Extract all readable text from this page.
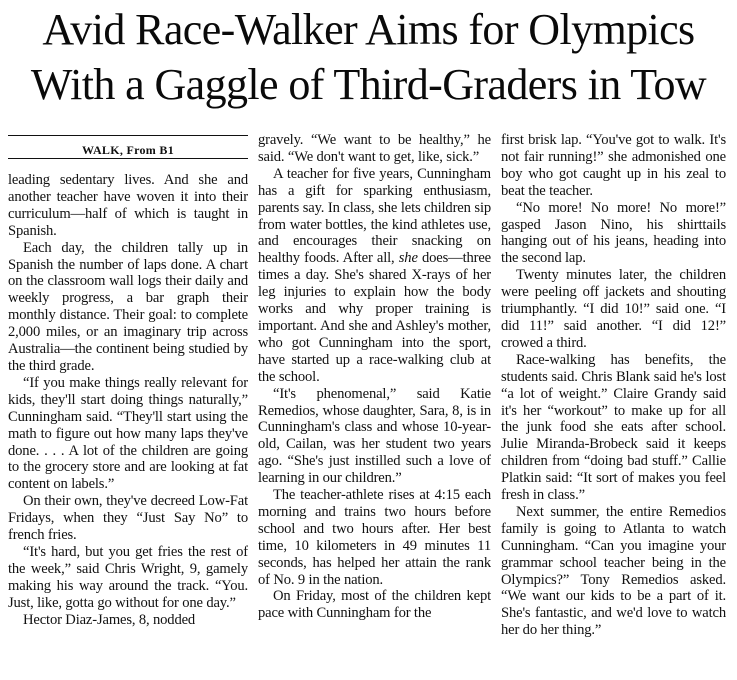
Avid Race-Walker Aims for Olympics
With a Gaggle of Third-Graders in Tow
WALK, From B1

leading sedentary lives. And she and another teacher have woven it into their curriculum—half of which is taught in Spanish.

Each day, the children tally up in Spanish the number of laps done. A chart on the classroom wall logs their daily and weekly progress, a bar graph their monthly distance. Their goal: to complete 2,000 miles, or an imaginary trip across Australia—the continent being studied by the third grade.

“If you make things really relevant for kids, they'll start doing things naturally,” Cunningham said. “They'll start using the math to figure out how many laps they've done. . . . A lot of the children are going to the grocery store and are looking at fat content on labels.”

On their own, they've decreed Low-Fat Fridays, when they “Just Say No” to french fries.

“It's hard, but you get fries the rest of the week,” said Chris Wright, 9, gamely making his way around the track. “You. Just, like, gotta go without for one day.”

Hector Diaz-James, 8, nodded

gravely. “We want to be healthy,” he said. “We don't want to get, like, sick.”

A teacher for five years, Cunningham has a gift for sparking enthusiasm, parents say. In class, she lets children sip from water bottles, the kind athletes use, and encourages their snacking on healthy foods. After all, she does—three times a day. She's shared X-rays of her leg injuries to explain how the body works and why proper training is important. And she and Ashley's mother, who got Cunningham into the sport, have started up a race-walking club at the school.

“It's phenomenal,” said Katie Remedios, whose daughter, Sara, 8, is in Cunningham's class and whose 10-year-old, Cailan, was her student two years ago. “She's just instilled such a love of learning in our children.”

The teacher-athlete rises at 4:15 each morning and trains two hours before school and two hours after. Her best time, 10 kilometers in 49 minutes 11 seconds, has helped her attain the rank of No. 9 in the nation.

On Friday, most of the children kept pace with Cunningham for the

first brisk lap. “You've got to walk. It's not fair running!” she admonished one boy who got caught up in his zeal to beat the teacher.

“No more! No more! No more!” gasped Jason Nino, his shirttails hanging out of his jeans, heading into the second lap.

Twenty minutes later, the children were peeling off jackets and shouting triumphantly. “I did 10!” said one. “I did 11!” said another. “I did 12!” crowed a third.

Race-walking has benefits, the students said. Chris Blank said he's lost “a lot of weight.” Claire Grandy said it's her “workout” to make up for all the junk food she eats after school. Julie Miranda-Brobeck said it keeps children from “doing bad stuff.” Callie Platkin said: “It sort of makes you feel fresh in class.”

Next summer, the entire Remedios family is going to Atlanta to watch Cunningham. “Can you imagine your grammar school teacher being in the Olympics?” Tony Remedios asked. “We want our kids to be a part of it. She's fantastic, and we'd love to watch her do her thing.”
